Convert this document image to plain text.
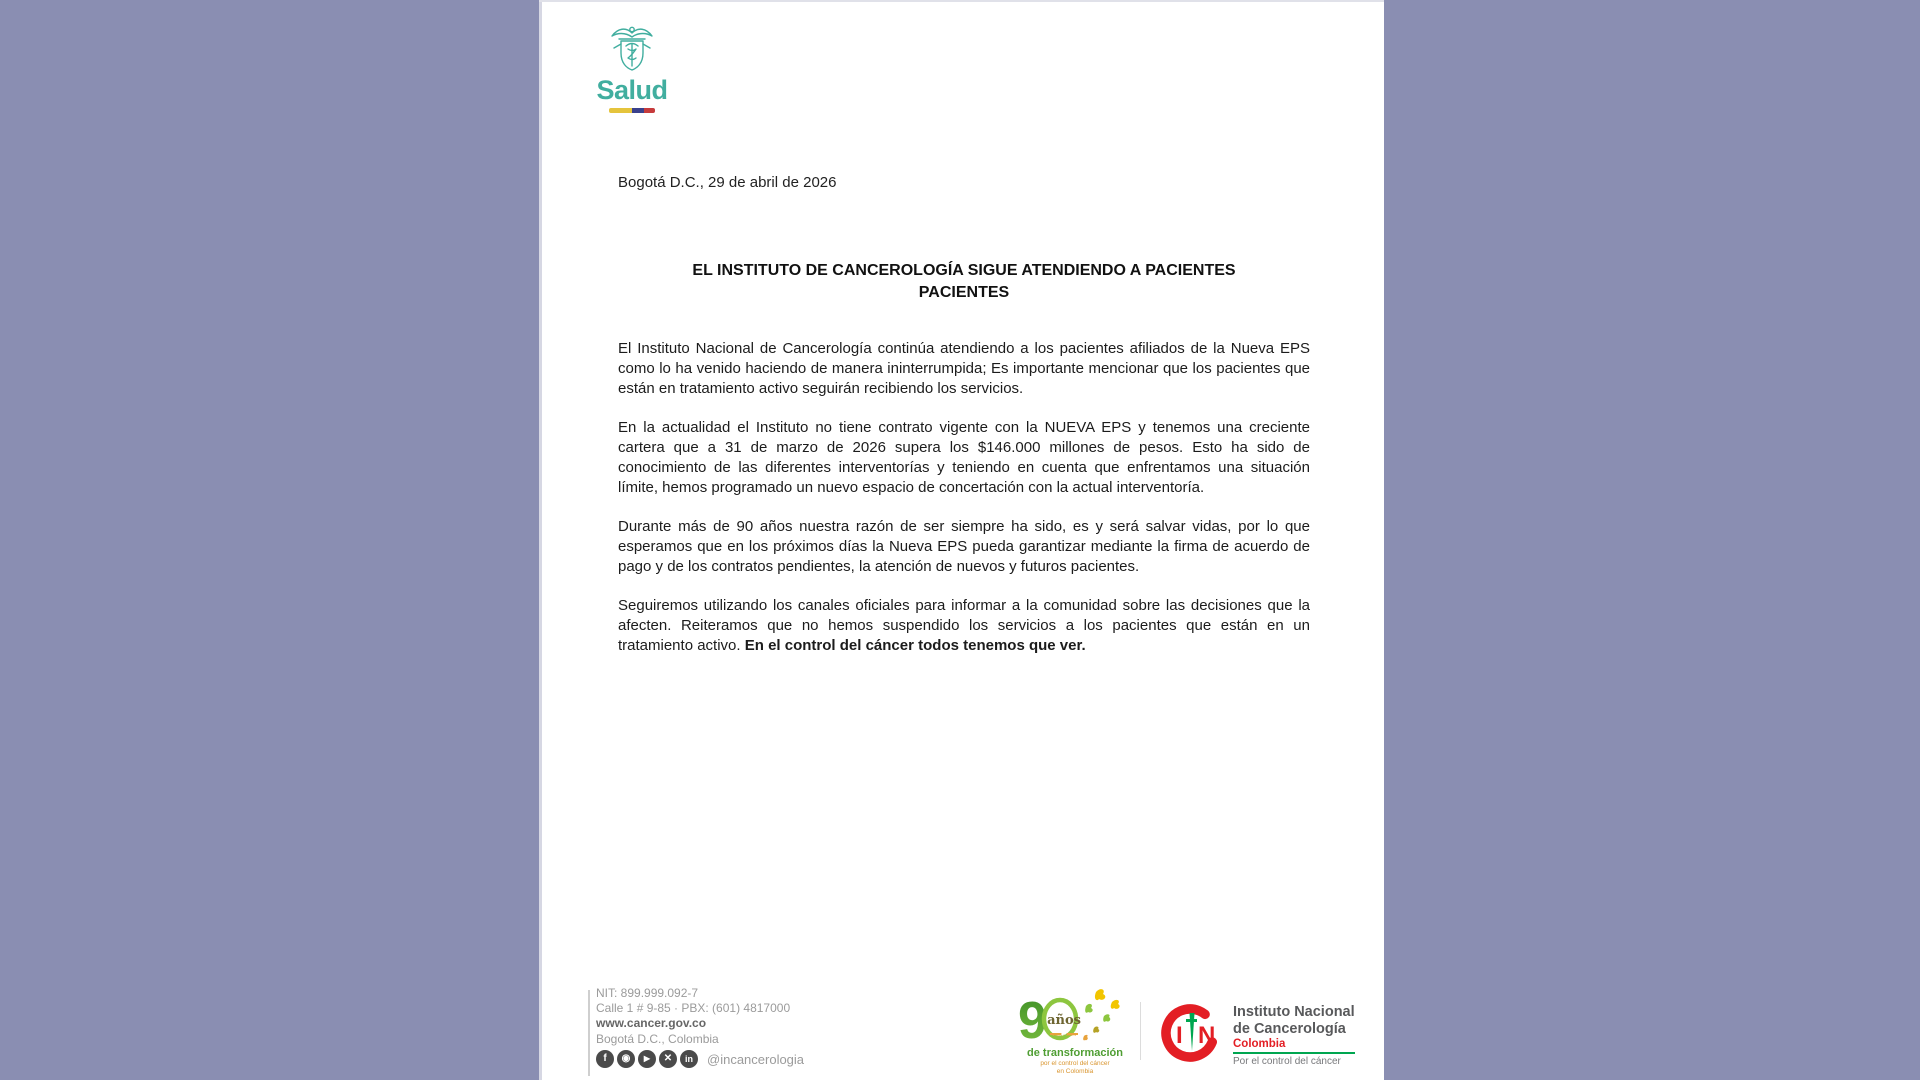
Salud
Bogotá D.C., 29 de abril de 2026
EL INSTITUTO DE CANCEROLOGÍA SIGUE ATENDIENDO A PACIENTES
PACIENTES

El Instituto Nacional de Cancerología continúa atendiendo a los pacientes afiliados de la Nueva EPS como lo ha venido haciendo de manera ininterrumpida; Es importante mencionar que los pacientes que están en tratamiento activo seguirán recibiendo los servicios.

En la actualidad el Instituto no tiene contrato vigente con la NUEVA EPS y tenemos una creciente cartera que a 31 de marzo de 2026 supera los $146.000 millones de pesos. Esto ha sido de conocimiento de las diferentes interventorías y teniendo en cuenta que enfrentamos una situación límite, hemos programado un nuevo espacio de concertación con la actual interventoría.

Durante más de 90 años nuestra razón de ser siempre ha sido, es y será salvar vidas, por lo que esperamos que en los próximos días la Nueva EPS pueda garantizar mediante la firma de acuerdo de pago y de los contratos pendientes, la atención de nuevos y futuros pacientes.

Seguiremos utilizando los canales oficiales para informar a la comunidad sobre las decisiones que la afecten. Reiteramos que no hemos suspendido los servicios a los pacientes que están en un tratamiento activo. En el control del cáncer todos tenemos que ver.

NIT: 899.999.092-7
Calle 1 # 9-85 · PBX: (601) 4817000
www.cancer.gov.co
Bogotá D.C., Colombia
f	◉	▶	✕	in	@incancerologia
9 años
1934 - 2024
de transformación
por el control del cáncer
en Colombia
I N
Instituto Nacional
de Cancerología
Colombia
Por el control del cáncer
